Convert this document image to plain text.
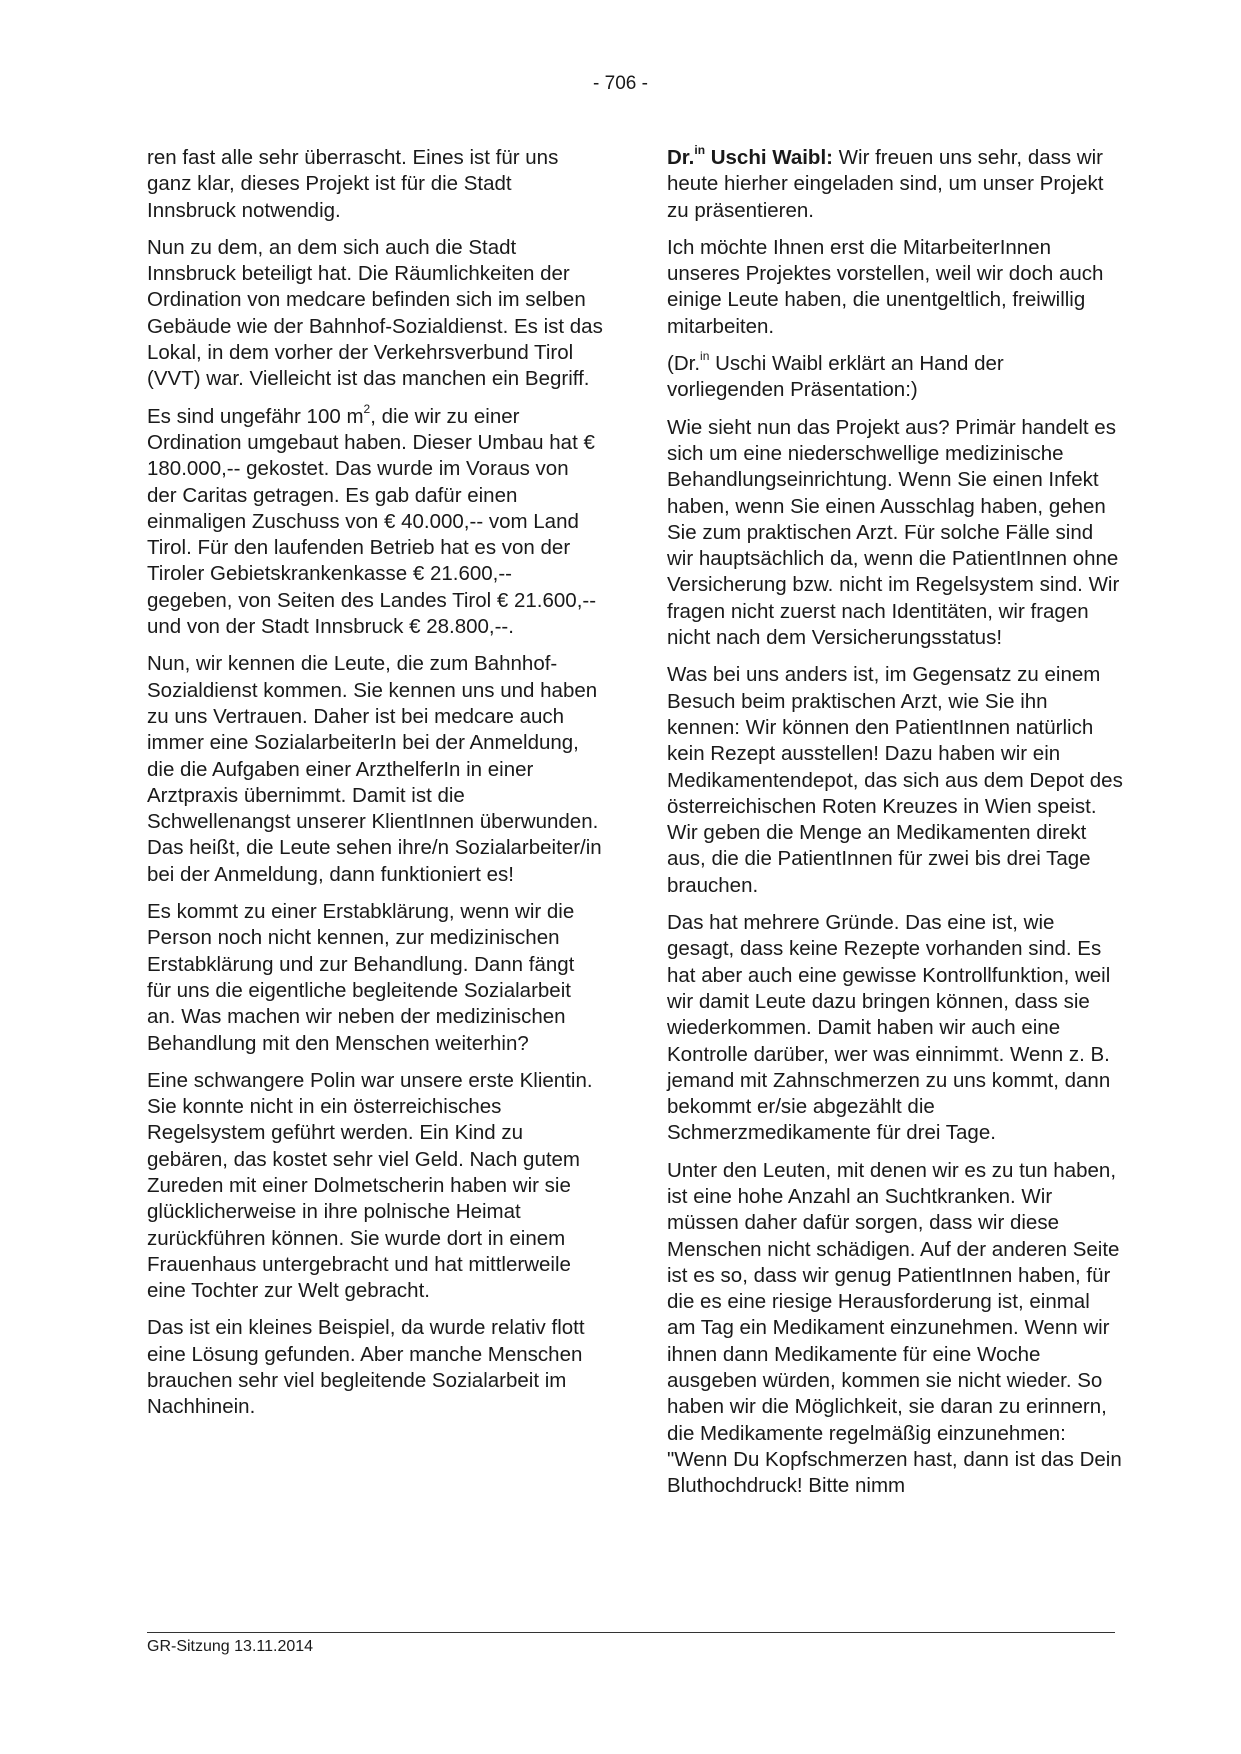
- 706 -

ren fast alle sehr überrascht. Eines ist für uns ganz klar, dieses Projekt ist für die Stadt Innsbruck notwendig.

Nun zu dem, an dem sich auch die Stadt Innsbruck beteiligt hat. Die Räumlichkeiten der Ordination von medcare befinden sich im selben Gebäude wie der Bahnhof-Sozialdienst. Es ist das Lokal, in dem vorher der Verkehrsverbund Tirol (VVT) war. Vielleicht ist das manchen ein Begriff.

Es sind ungefähr 100 $m^2$, die wir zu einer Ordination umgebaut haben. Dieser Umbau hat € 180.000,-- gekostet. Das wurde im Voraus von der Caritas getragen. Es gab dafür einen einmaligen Zuschuss von € 40.000,-- vom Land Tirol. Für den laufenden Betrieb hat es von der Tiroler Gebietskrankenkasse € 21.600,-- gegeben, von Seiten des Landes Tirol € 21.600,-- und von der Stadt Innsbruck € 28.800,--.

Nun, wir kennen die Leute, die zum Bahnhof-Sozialdienst kommen. Sie kennen uns und haben zu uns Vertrauen. Daher ist bei medcare auch immer eine SozialarbeiterIn bei der Anmeldung, die die Aufgaben einer ArzthelferIn in einer Arztpraxis übernimmt. Damit ist die Schwellenangst unserer KlientInnen überwunden. Das heißt, die Leute sehen ihre/n Sozialarbeiter/in bei der Anmeldung, dann funktioniert es!

Es kommt zu einer Erstabklärung, wenn wir die Person noch nicht kennen, zur medizinischen Erstabklärung und zur Behandlung. Dann fängt für uns die eigentliche begleitende Sozialarbeit an. Was machen wir neben der medizinischen Behandlung mit den Menschen weiterhin?

Eine schwangere Polin war unsere erste Klientin. Sie konnte nicht in ein österreichisches Regelsystem geführt werden. Ein Kind zu gebären, das kostet sehr viel Geld. Nach gutem Zureden mit einer Dolmetscherin haben wir sie glücklicherweise in ihre polnische Heimat zurückführen können. Sie wurde dort in einem Frauenhaus untergebracht und hat mittlerweile eine Tochter zur Welt gebracht.

Das ist ein kleines Beispiel, da wurde relativ flott eine Lösung gefunden. Aber manche Menschen brauchen sehr viel begleitende Sozialarbeit im Nachhinein.

Dr.$^{in}$ Uschi Waibl: Wir freuen uns sehr, dass wir heute hierher eingeladen sind, um unser Projekt zu präsentieren.

Ich möchte Ihnen erst die MitarbeiterInnen unseres Projektes vorstellen, weil wir doch auch einige Leute haben, die unentgeltlich, freiwillig mitarbeiten.

(Dr.$^{in}$ Uschi Waibl erklärt an Hand der vorliegenden Präsentation:)

Wie sieht nun das Projekt aus? Primär handelt es sich um eine niederschwellige medizinische Behandlungseinrichtung. Wenn Sie einen Infekt haben, wenn Sie einen Ausschlag haben, gehen Sie zum praktischen Arzt. Für solche Fälle sind wir hauptsächlich da, wenn die PatientInnen ohne Versicherung bzw. nicht im Regelsystem sind. Wir fragen nicht zuerst nach Identitäten, wir fragen nicht nach dem Versicherungsstatus!

Was bei uns anders ist, im Gegensatz zu einem Besuch beim praktischen Arzt, wie Sie ihn kennen: Wir können den PatientInnen natürlich kein Rezept ausstellen! Dazu haben wir ein Medikamentendepot, das sich aus dem Depot des österreichischen Roten Kreuzes in Wien speist. Wir geben die Menge an Medikamenten direkt aus, die die PatientInnen für zwei bis drei Tage brauchen.

Das hat mehrere Gründe. Das eine ist, wie gesagt, dass keine Rezepte vorhanden sind. Es hat aber auch eine gewisse Kontrollfunktion, weil wir damit Leute dazu bringen können, dass sie wiederkommen. Damit haben wir auch eine Kontrolle darüber, wer was einnimmt. Wenn z. B. jemand mit Zahnschmerzen zu uns kommt, dann bekommt er/sie abgezählt die Schmerzmedikamente für drei Tage.

Unter den Leuten, mit denen wir es zu tun haben, ist eine hohe Anzahl an Suchtkranken. Wir müssen daher dafür sorgen, dass wir diese Menschen nicht schädigen. Auf der anderen Seite ist es so, dass wir genug PatientInnen haben, für die es eine riesige Herausforderung ist, einmal am Tag ein Medikament einzunehmen. Wenn wir ihnen dann Medikamente für eine Woche ausgeben würden, kommen sie nicht wieder. So haben wir die Möglichkeit, sie daran zu erinnern, die Medikamente regelmäßig einzunehmen: "Wenn Du Kopfschmerzen hast, dann ist das Dein Bluthochdruck! Bitte nimm

GR-Sitzung 13.11.2014
